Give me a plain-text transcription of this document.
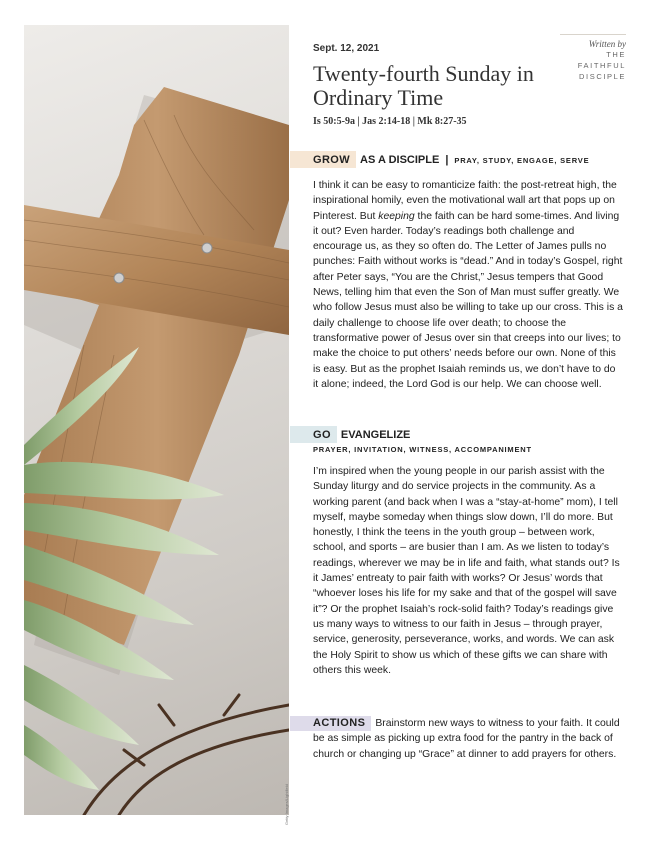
Getty Images/Lightfield
Sept. 12, 2021
Twenty-fourth Sunday in Ordinary Time
Is 50:5-9a | Jas 2:14-18 | Mk 8:27-35
Written by
THE
FAITHFUL
DISCIPLE
GROW AS A DISCIPLE | PRAY, STUDY, ENGAGE, SERVE

I think it can be easy to romanticize faith: the post-retreat high, the inspirational homily, even the motivational wall art that pops up on Pinterest. But keeping the faith can be hard some-times. And living it out? Even harder. Today’s readings both challenge and encourage us, as they so often do. The Letter of James pulls no punches: Faith without works is “dead.” And in today’s Gospel, right after Peter says, “You are the Christ,” Jesus tempers that Good News, telling him that even the Son of Man must suffer greatly. We who follow Jesus must also be willing to take up our cross. This is a daily challenge to choose life over death; to choose the transformative power of Jesus over sin that creeps into our lives; to make the choice to put others’ needs before our own. None of this is easy. But as the prophet Isaiah reminds us, we don’t have to do it alone; indeed, the Lord God is our help. We can choose well.

GO EVANGELIZE
PRAYER, INVITATION, WITNESS, ACCOMPANIMENT

I’m inspired when the young people in our parish assist with the Sunday liturgy and do service projects in the community. As a working parent (and back when I was a “stay-at-home” mom), I tell myself, maybe someday when things slow down, I’ll do more. But honestly, I think the teens in the youth group – between work, school, and sports – are busier than I am. As we listen to today’s readings, wherever we may be in life and faith, what stands out? Is it James’ entreaty to pair faith with works? Or Jesus’ words that “whoever loses his life for my sake and that of the gospel will save it”? Or the prophet Isaiah’s rock-solid faith? Today’s readings give us many ways to witness to our faith in Jesus – through prayer, service, generosity, perseverance, works, and words. We can ask the Holy Spirit to show us which of these gifts we can share with others this week.

ACTIONS Brainstorm new ways to witness to your faith. It could be as simple as picking up extra food for the pantry in the back of church or changing up “Grace” at dinner to add prayers for others.
